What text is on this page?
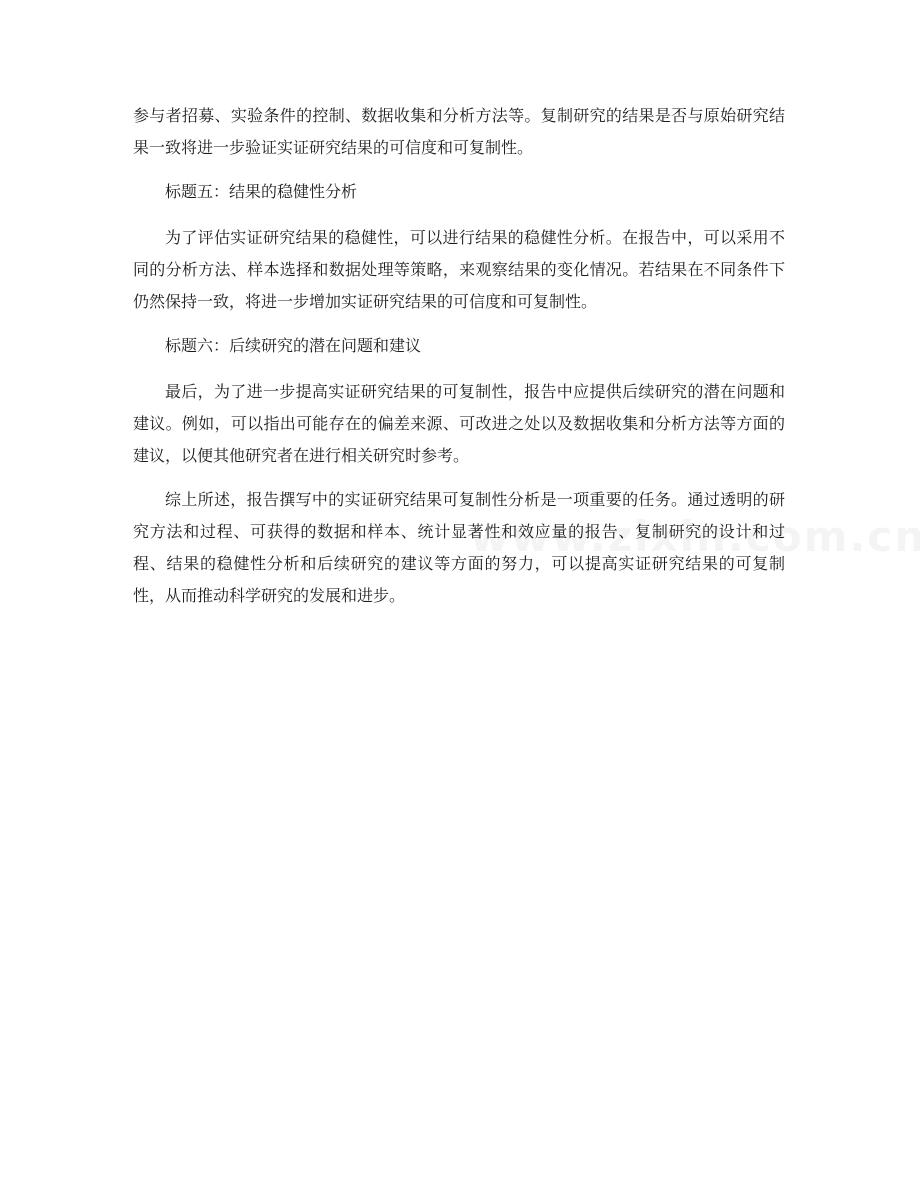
参与者招募、实验条件的控制、数据收集和分析方法等。复制研究的结果是否与原始研究结果一致将进一步验证实证研究结果的可信度和可复制性。

标题五：结果的稳健性分析

为了评估实证研究结果的稳健性，可以进行结果的稳健性分析。在报告中，可以采用不同的分析方法、样本选择和数据处理等策略，来观察结果的变化情况。若结果在不同条件下仍然保持一致，将进一步增加实证研究结果的可信度和可复制性。

标题六：后续研究的潜在问题和建议

最后，为了进一步提高实证研究结果的可复制性，报告中应提供后续研究的潜在问题和建议。例如，可以指出可能存在的偏差来源、可改进之处以及数据收集和分析方法等方面的建议，以便其他研究者在进行相关研究时参考。

综上所述，报告撰写中的实证研究结果可复制性分析是一项重要的任务。通过透明的研究方法和过程、可获得的数据和样本、统计显著性和效应量的报告、复制研究的设计和过程、结果的稳健性分析和后续研究的建议等方面的努力，可以提高实证研究结果的可复制性，从而推动科学研究的发展和进步。
